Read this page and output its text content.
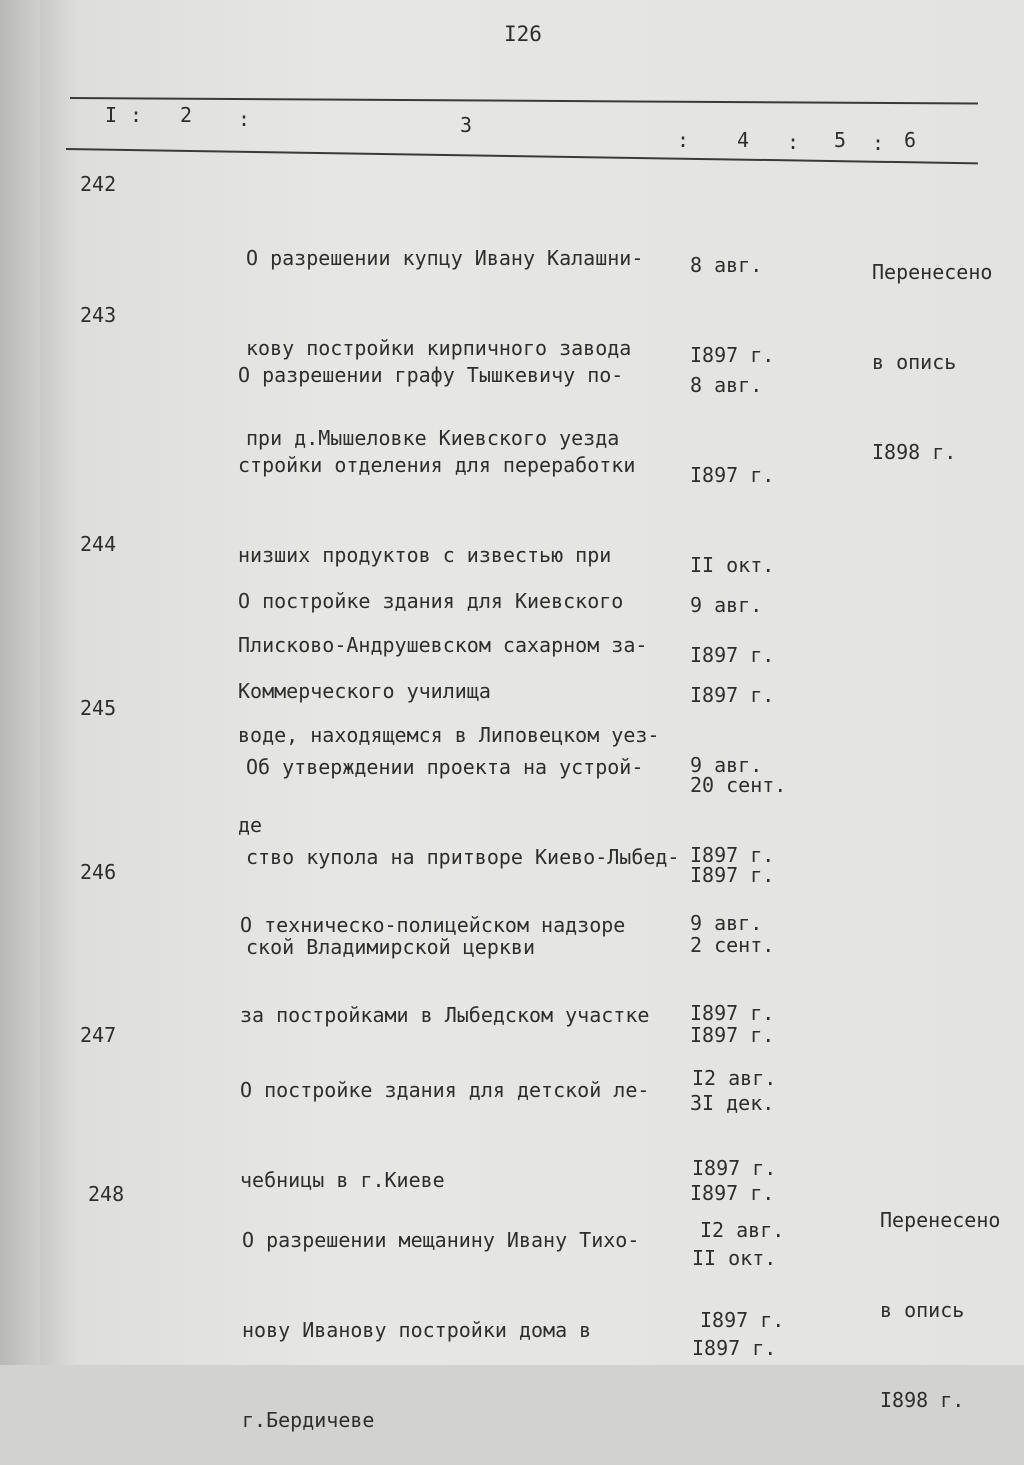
I26
I : 2 :	3
: 4 : 5 : 6
242

О разрешении купцу Ивану Калашни-

кову постройки кирпичного завода

при д.Мышеловке Киевского уезда

8 авг.

I897 г.

Перенесено

в опись

I898 г.

243

О разрешении графу Тышкевичу по-

стройки отделения для переработки

низших продуктов с известью при

Плисково-Андрушевском сахарном за-

воде, находящемся в Липовецком уез-

де

8 авг.

I897 г.

II окт.

I897 г.

244

О постройке здания для Киевского

Коммерческого училища

9 авг.

I897 г.

20 сент.

I897 г.

245

Об утверждении проекта на устрой-

ство купола на притворе Киево-Лыбед-

ской Владимирской церкви

9 авг.

I897 г.

2 сент.

I897 г.

246

О техническо-полицейском надзоре

за постройками в Лыбедском участке

9 авг.

I897 г.

3I дек.

I897 г.

247

О постройке здания для детской ле-

чебницы в г.Киеве

I2 авг.

I897 г.

II окт.

I897 г.

248

О разрешении мещанину Ивану Тихо-

нову Иванову постройки дома в

г.Бердичеве

I2 авг.

I897 г.

Перенесено

в опись

I898 г.
